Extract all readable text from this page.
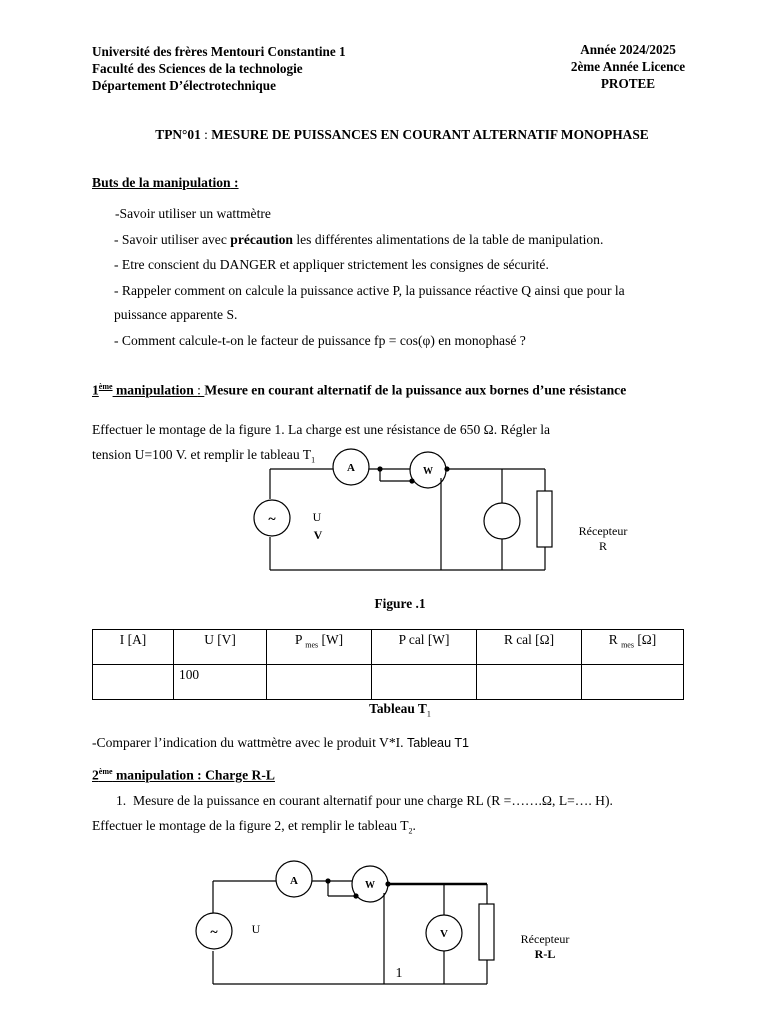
Université des frères Mentouri Constantine 1
Faculté des Sciences de la technologie
Département D’électrotechnique
Année 2024/2025
2ème Année Licence
PROTEE
TPN°01 : MESURE DE PUISSANCES EN COURANT ALTERNATIF MONOPHASE
Buts de la manipulation :
-Savoir utiliser un wattmètre
- Savoir utiliser avec précaution les différentes alimentations de la table de manipulation.
- Etre conscient du DANGER et appliquer strictement les consignes de sécurité.
- Rappeler comment on calcule la puissance active P, la puissance réactive Q ainsi que pour la
puissance apparente S.
- Comment calcule-t-on le facteur de puissance fp = cos(φ) en monophasé ?
1ème manipulation : Mesure en courant alternatif de la puissance aux bornes d’une résistance
Effectuer le montage de la figure 1. La charge est une résistance de 650 Ω. Régler la
tension U=100 V. et remplir le tableau $T_1$
A	W
~	U
V	Récepteur
R
Figure .1
I [A]	U [V]	P $_{mes}$ [W]	P cal [W]	R cal [Ω]	R $_{mes}$ [Ω]
	100				
Tableau $T_1$
-Comparer l’indication du wattmètre avec le produit V*I. Tableau T1
2ème manipulation : Charge R-L
1. Mesure de la puissance en courant alternatif pour une charge RL (R =…….Ω, L=…. H).
Effectuer le montage de la figure 2, et remplir le tableau $T_2$.
A	W
~	U	V	Récepteur
R-L
1
